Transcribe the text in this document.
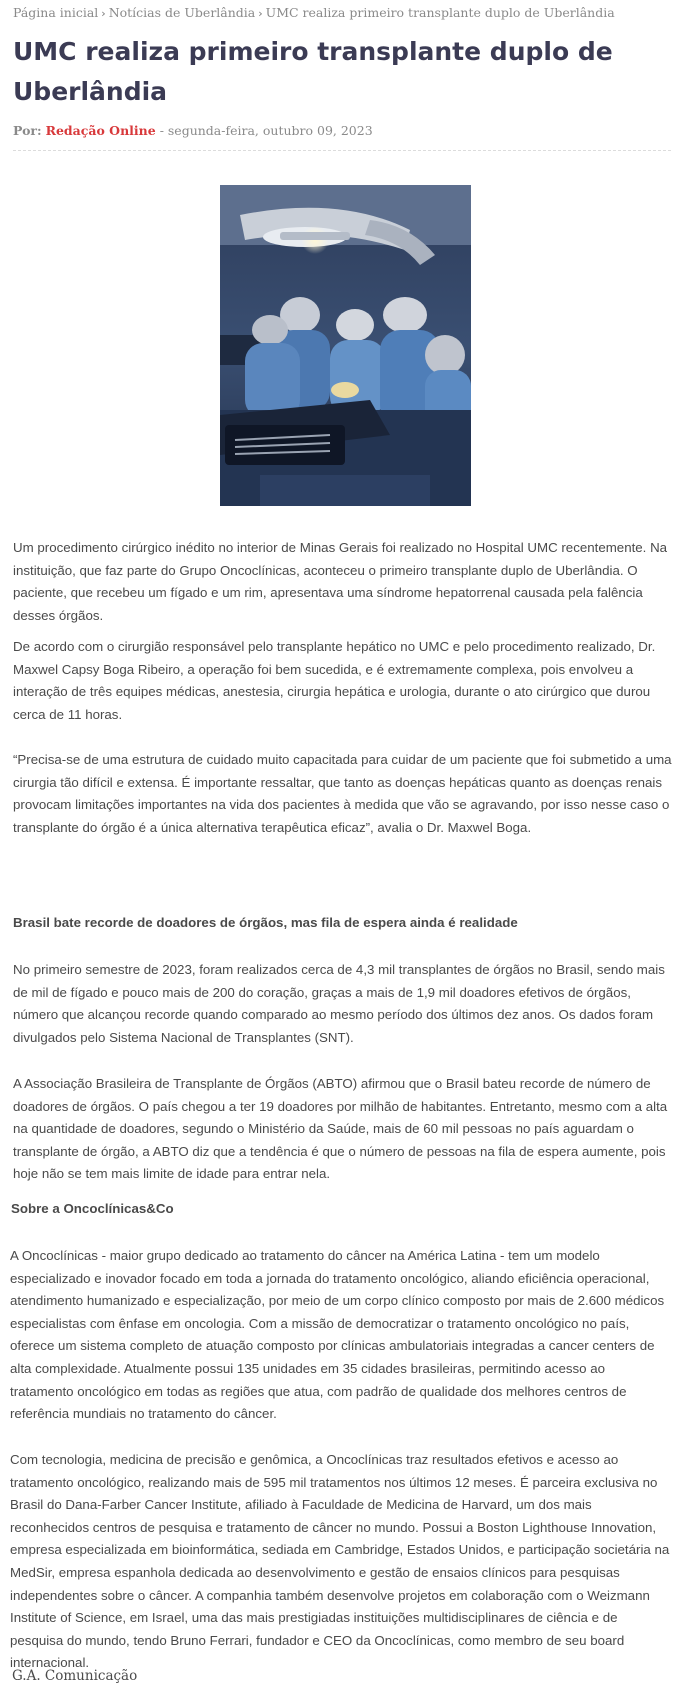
Página inicial › Notícias de Uberlândia › UMC realiza primeiro transplante duplo de Uberlândia
UMC realiza primeiro transplante duplo de Uberlândia
Por: Redação Online - segunda-feira, outubro 09, 2023

Um procedimento cirúrgico inédito no interior de Minas Gerais foi realizado no Hospital UMC recentemente. Na instituição, que faz parte do Grupo Oncoclínicas, aconteceu o primeiro transplante duplo de Uberlândia. O paciente, que recebeu um fígado e um rim, apresentava uma síndrome hepatorrenal causada pela falência desses órgãos.

De acordo com o cirurgião responsável pelo transplante hepático no UMC e pelo procedimento realizado, Dr. Maxwel Capsy Boga Ribeiro, a operação foi bem sucedida, e é extremamente complexa, pois envolveu a interação de três equipes médicas, anestesia, cirurgia hepática e urologia, durante o ato cirúrgico que durou cerca de 11 horas.

“Precisa-se de uma estrutura de cuidado muito capacitada para cuidar de um paciente que foi submetido a uma cirurgia tão difícil e extensa. É importante ressaltar, que tanto as doenças hepáticas quanto as doenças renais provocam limitações importantes na vida dos pacientes à medida que vão se agravando, por isso nesse caso o transplante do órgão é a única alternativa terapêutica eficaz”, avalia o Dr. Maxwel Boga.

Brasil bate recorde de doadores de órgãos, mas fila de espera ainda é realidade

No primeiro semestre de 2023, foram realizados cerca de 4,3 mil transplantes de órgãos no Brasil, sendo mais de mil de fígado e pouco mais de 200 do coração, graças a mais de 1,9 mil doadores efetivos de órgãos, número que alcançou recorde quando comparado ao mesmo período dos últimos dez anos. Os dados foram divulgados pelo Sistema Nacional de Transplantes (SNT).

A Associação Brasileira de Transplante de Órgãos (ABTO) afirmou que o Brasil bateu recorde de número de doadores de órgãos. O país chegou a ter 19 doadores por milhão de habitantes. Entretanto, mesmo com a alta na quantidade de doadores, segundo o Ministério da Saúde, mais de 60 mil pessoas no país aguardam o transplante de órgão, a ABTO diz que a tendência é que o número de pessoas na fila de espera aumente, pois hoje não se tem mais limite de idade para entrar nela.

Sobre a Oncoclínicas&Co

A Oncoclínicas - maior grupo dedicado ao tratamento do câncer na América Latina - tem um modelo especializado e inovador focado em toda a jornada do tratamento oncológico, aliando eficiência operacional, atendimento humanizado e especialização, por meio de um corpo clínico composto por mais de 2.600 médicos especialistas com ênfase em oncologia. Com a missão de democratizar o tratamento oncológico no país, oferece um sistema completo de atuação composto por clínicas ambulatoriais integradas a cancer centers de alta complexidade. Atualmente possui 135 unidades em 35 cidades brasileiras, permitindo acesso ao tratamento oncológico em todas as regiões que atua, com padrão de qualidade dos melhores centros de referência mundiais no tratamento do câncer.

Com tecnologia, medicina de precisão e genômica, a Oncoclínicas traz resultados efetivos e acesso ao tratamento oncológico, realizando mais de 595 mil tratamentos nos últimos 12 meses. É parceira exclusiva no Brasil do Dana-Farber Cancer Institute, afiliado à Faculdade de Medicina de Harvard, um dos mais reconhecidos centros de pesquisa e tratamento de câncer no mundo. Possui a Boston Lighthouse Innovation, empresa especializada em bioinformática, sediada em Cambridge, Estados Unidos, e participação societária na MedSir, empresa espanhola dedicada ao desenvolvimento e gestão de ensaios clínicos para pesquisas independentes sobre o câncer. A companhia também desenvolve projetos em colaboração com o Weizmann Institute of Science, em Israel, uma das mais prestigiadas instituições multidisciplinares de ciência e de pesquisa do mundo, tendo Bruno Ferrari, fundador e CEO da Oncoclínicas, como membro de seu board internacional.

G.A. Comunicação
